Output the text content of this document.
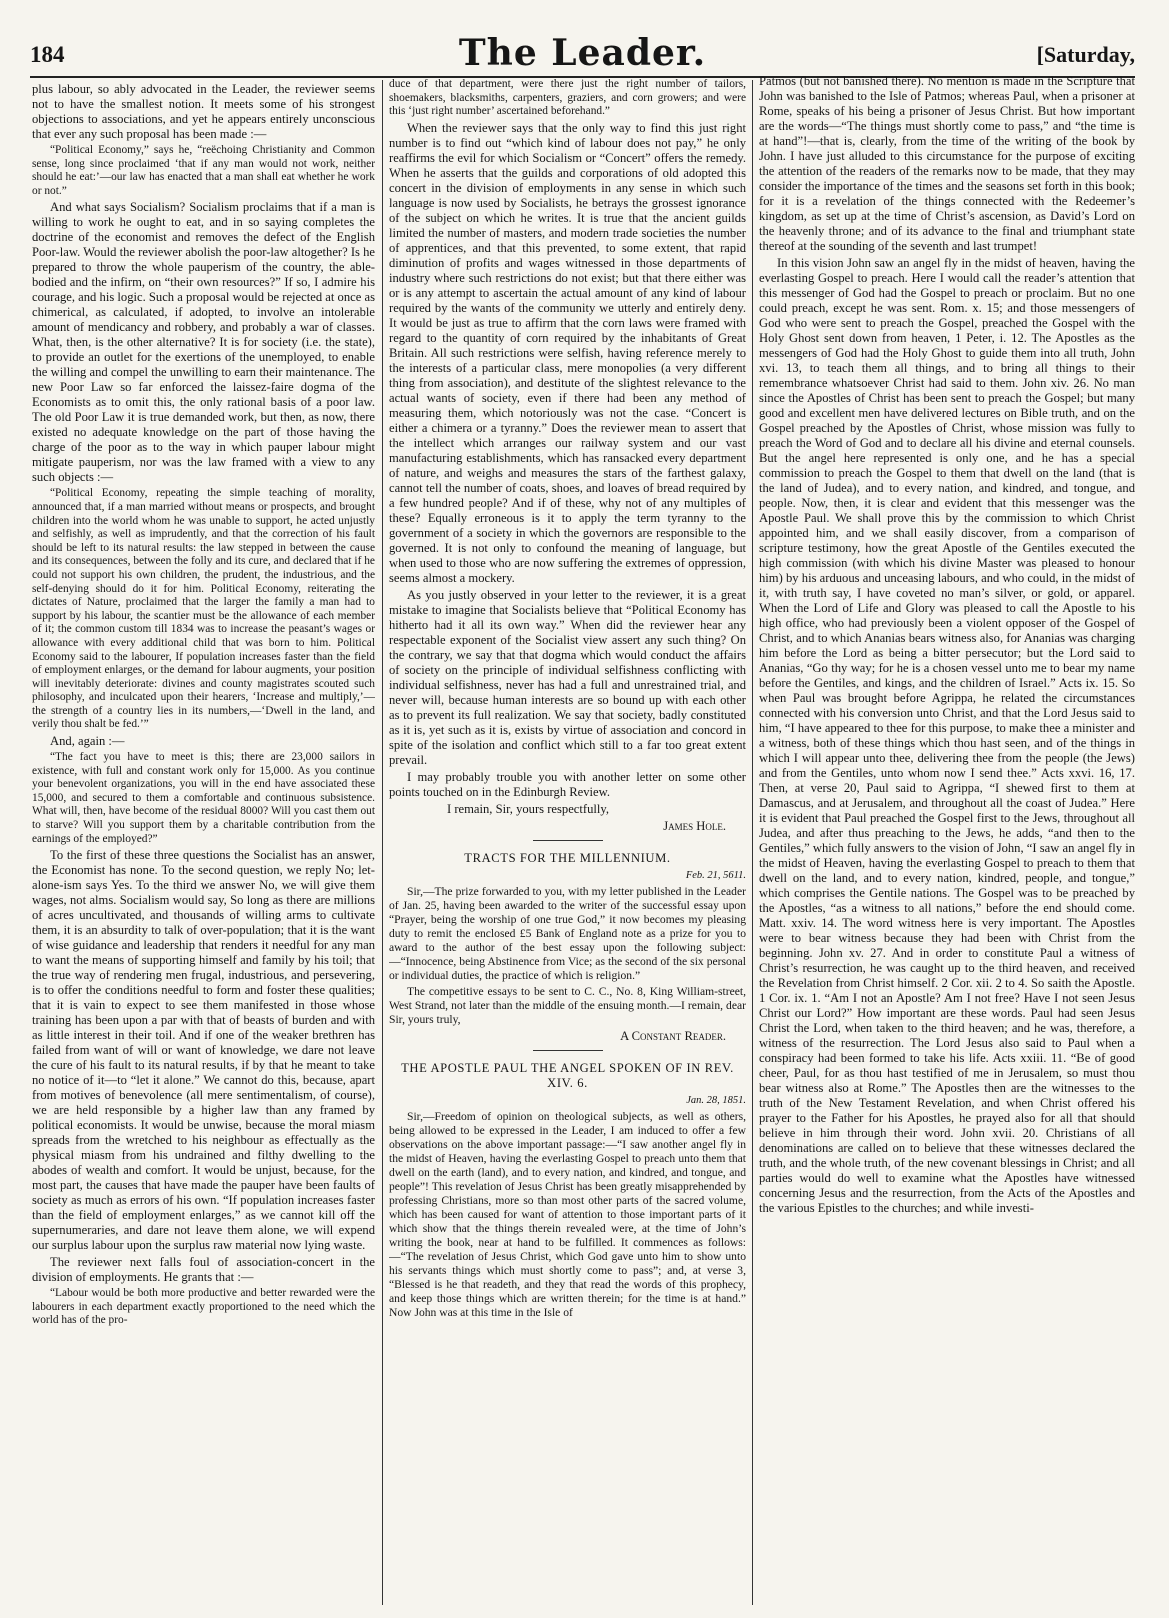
184	The Leader.	[Saturday,

plus labour, so ably advocated in the Leader, the reviewer seems not to have the smallest notion. It meets some of his strongest objections to associations, and yet he appears entirely unconscious that ever any such proposal has been made :—

“Political Economy,” says he, “reëchoing Christianity and Common sense, long since proclaimed ‘that if any man would not work, neither should he eat:’—our law has enacted that a man shall eat whether he work or not.”

And what says Socialism? Socialism proclaims that if a man is willing to work he ought to eat, and in so saying completes the doctrine of the economist and removes the defect of the English Poor-law. Would the reviewer abolish the poor-law altogether? Is he prepared to throw the whole pauperism of the country, the able-bodied and the infirm, on “their own resources?” If so, I admire his courage, and his logic. Such a proposal would be rejected at once as chimerical, as calculated, if adopted, to involve an intolerable amount of mendicancy and robbery, and probably a war of classes. What, then, is the other alternative? It is for society (i.e. the state), to provide an outlet for the exertions of the unemployed, to enable the willing and compel the unwilling to earn their maintenance. The new Poor Law so far enforced the laissez-faire dogma of the Economists as to omit this, the only rational basis of a poor law. The old Poor Law it is true demanded work, but then, as now, there existed no adequate knowledge on the part of those having the charge of the poor as to the way in which pauper labour might mitigate pauperism, nor was the law framed with a view to any such objects :—

“Political Economy, repeating the simple teaching of morality, announced that, if a man married without means or prospects, and brought children into the world whom he was unable to support, he acted unjustly and selfishly, as well as imprudently, and that the correction of his fault should be left to its natural results: the law stepped in between the cause and its consequences, between the folly and its cure, and declared that if he could not support his own children, the prudent, the industrious, and the self-denying should do it for him. Political Economy, reiterating the dictates of Nature, proclaimed that the larger the family a man had to support by his labour, the scantier must be the allowance of each member of it; the common custom till 1834 was to increase the peasant’s wages or allowance with every additional child that was born to him. Political Economy said to the labourer, If population increases faster than the field of employment enlarges, or the demand for labour augments, your position will inevitably deteriorate: divines and county magistrates scouted such philosophy, and inculcated upon their hearers, ‘Increase and multiply,’—the strength of a country lies in its numbers,—‘Dwell in the land, and verily thou shalt be fed.’”

And, again :—

“The fact you have to meet is this; there are 23,000 sailors in existence, with full and constant work only for 15,000. As you continue your benevolent organizations, you will in the end have associated these 15,000, and secured to them a comfortable and continuous subsistence. What will, then, have become of the residual 8000? Will you cast them out to starve? Will you support them by a charitable contribution from the earnings of the employed?”

To the first of these three questions the Socialist has an answer, the Economist has none. To the second question, we reply No; let-alone-ism says Yes. To the third we answer No, we will give them wages, not alms. Socialism would say, So long as there are millions of acres uncultivated, and thousands of willing arms to cultivate them, it is an absurdity to talk of over-population; that it is the want of wise guidance and leadership that renders it needful for any man to want the means of supporting himself and family by his toil; that the true way of rendering men frugal, industrious, and persevering, is to offer the conditions needful to form and foster these qualities; that it is vain to expect to see them manifested in those whose training has been upon a par with that of beasts of burden and with as little interest in their toil. And if one of the weaker brethren has failed from want of will or want of knowledge, we dare not leave the cure of his fault to its natural results, if by that he meant to take no notice of it—to “let it alone.” We cannot do this, because, apart from motives of benevolence (all mere sentimentalism, of course), we are held responsible by a higher law than any framed by political economists. It would be unwise, because the moral miasm spreads from the wretched to his neighbour as effectually as the physical miasm from his undrained and filthy dwelling to the abodes of wealth and comfort. It would be unjust, because, for the most part, the causes that have made the pauper have been faults of society as much as errors of his own. “If population increases faster than the field of employment enlarges,” as we cannot kill off the supernumeraries, and dare not leave them alone, we will expend our surplus labour upon the surplus raw material now lying waste.

The reviewer next falls foul of association-concert in the division of employments. He grants that :—

“Labour would be both more productive and better rewarded were the labourers in each department exactly proportioned to the need which the world has of the pro-

duce of that department, were there just the right number of tailors, shoemakers, blacksmiths, carpenters, graziers, and corn growers; and were this ‘just right number’ ascertained beforehand.”

When the reviewer says that the only way to find this just right number is to find out “which kind of labour does not pay,” he only reaffirms the evil for which Socialism or “Concert” offers the remedy. When he asserts that the guilds and corporations of old adopted this concert in the division of employments in any sense in which such language is now used by Socialists, he betrays the grossest ignorance of the subject on which he writes. It is true that the ancient guilds limited the number of masters, and modern trade societies the number of apprentices, and that this prevented, to some extent, that rapid diminution of profits and wages witnessed in those departments of industry where such restrictions do not exist; but that there either was or is any attempt to ascertain the actual amount of any kind of labour required by the wants of the community we utterly and entirely deny. It would be just as true to affirm that the corn laws were framed with regard to the quantity of corn required by the inhabitants of Great Britain. All such restrictions were selfish, having reference merely to the interests of a particular class, mere monopolies (a very different thing from association), and destitute of the slightest relevance to the actual wants of society, even if there had been any method of measuring them, which notoriously was not the case. “Concert is either a chimera or a tyranny.” Does the reviewer mean to assert that the intellect which arranges our railway system and our vast manufacturing establishments, which has ransacked every department of nature, and weighs and measures the stars of the farthest galaxy, cannot tell the number of coats, shoes, and loaves of bread required by a few hundred people? And if of these, why not of any multiples of these? Equally erroneous is it to apply the term tyranny to the government of a society in which the governors are responsible to the governed. It is not only to confound the meaning of language, but when used to those who are now suffering the extremes of oppression, seems almost a mockery.

As you justly observed in your letter to the reviewer, it is a great mistake to imagine that Socialists believe that “Political Economy has hitherto had it all its own way.” When did the reviewer hear any respectable exponent of the Socialist view assert any such thing? On the contrary, we say that that dogma which would conduct the affairs of society on the principle of individual selfishness conflicting with individual selfishness, never has had a full and unrestrained trial, and never will, because human interests are so bound up with each other as to prevent its full realization. We say that society, badly constituted as it is, yet such as it is, exists by virtue of association and concord in spite of the isolation and conflict which still to a far too great extent prevail.

I may probably trouble you with another letter on some other points touched on in the Edinburgh Review.

I remain, Sir, yours respectfully,

James Hole.
TRACTS FOR THE MILLENNIUM.
Feb. 21, 5611.

Sir,—The prize forwarded to you, with my letter published in the Leader of Jan. 25, having been awarded to the writer of the successful essay upon “Prayer, being the worship of one true God,” it now becomes my pleasing duty to remit the enclosed £5 Bank of England note as a prize for you to award to the author of the best essay upon the following subject:—“Innocence, being Abstinence from Vice; as the second of the six personal or individual duties, the practice of which is religion.”

The competitive essays to be sent to C. C., No. 8, King William-street, West Strand, not later than the middle of the ensuing month.—I remain, dear Sir, yours truly,

A Constant Reader.
THE APOSTLE PAUL THE ANGEL SPOKEN OF IN REV. XIV. 6.
Jan. 28, 1851.

Sir,—Freedom of opinion on theological subjects, as well as others, being allowed to be expressed in the Leader, I am induced to offer a few observations on the above important passage:—“I saw another angel fly in the midst of Heaven, having the everlasting Gospel to preach unto them that dwell on the earth (land), and to every nation, and kindred, and tongue, and people”! This revelation of Jesus Christ has been greatly misapprehended by professing Christians, more so than most other parts of the sacred volume, which has been caused for want of attention to those important parts of it which show that the things therein revealed were, at the time of John’s writing the book, near at hand to be fulfilled. It commences as follows:—“The revelation of Jesus Christ, which God gave unto him to show unto his servants things which must shortly come to pass”; and, at verse 3, “Blessed is he that readeth, and they that read the words of this prophecy, and keep those things which are written therein; for the time is at hand.” Now John was at this time in the Isle of

Patmos (but not banished there). No mention is made in the Scripture that John was banished to the Isle of Patmos; whereas Paul, when a prisoner at Rome, speaks of his being a prisoner of Jesus Christ. But how important are the words—“The things must shortly come to pass,” and “the time is at hand”!—that is, clearly, from the time of the writing of the book by John. I have just alluded to this circumstance for the purpose of exciting the attention of the readers of the remarks now to be made, that they may consider the importance of the times and the seasons set forth in this book; for it is a revelation of the things connected with the Redeemer’s kingdom, as set up at the time of Christ’s ascension, as David’s Lord on the heavenly throne; and of its advance to the final and triumphant state thereof at the sounding of the seventh and last trumpet!

In this vision John saw an angel fly in the midst of heaven, having the everlasting Gospel to preach. Here I would call the reader’s attention that this messenger of God had the Gospel to preach or proclaim. But no one could preach, except he was sent. Rom. x. 15; and those messengers of God who were sent to preach the Gospel, preached the Gospel with the Holy Ghost sent down from heaven, 1 Peter, i. 12. The Apostles as the messengers of God had the Holy Ghost to guide them into all truth, John xvi. 13, to teach them all things, and to bring all things to their remembrance whatsoever Christ had said to them. John xiv. 26. No man since the Apostles of Christ has been sent to preach the Gospel; but many good and excellent men have delivered lectures on Bible truth, and on the Gospel preached by the Apostles of Christ, whose mission was fully to preach the Word of God and to declare all his divine and eternal counsels. But the angel here represented is only one, and he has a special commission to preach the Gospel to them that dwell on the land (that is the land of Judea), and to every nation, and kindred, and tongue, and people. Now, then, it is clear and evident that this messenger was the Apostle Paul. We shall prove this by the commission to which Christ appointed him, and we shall easily discover, from a comparison of scripture testimony, how the great Apostle of the Gentiles executed the high commission (with which his divine Master was pleased to honour him) by his arduous and unceasing labours, and who could, in the midst of it, with truth say, I have coveted no man’s silver, or gold, or apparel. When the Lord of Life and Glory was pleased to call the Apostle to his high office, who had previously been a violent opposer of the Gospel of Christ, and to which Ananias bears witness also, for Ananias was charging him before the Lord as being a bitter persecutor; but the Lord said to Ananias, “Go thy way; for he is a chosen vessel unto me to bear my name before the Gentiles, and kings, and the children of Israel.” Acts ix. 15. So when Paul was brought before Agrippa, he related the circumstances connected with his conversion unto Christ, and that the Lord Jesus said to him, “I have appeared to thee for this purpose, to make thee a minister and a witness, both of these things which thou hast seen, and of the things in which I will appear unto thee, delivering thee from the people (the Jews) and from the Gentiles, unto whom now I send thee.” Acts xxvi. 16, 17. Then, at verse 20, Paul said to Agrippa, “I shewed first to them at Damascus, and at Jerusalem, and throughout all the coast of Judea.” Here it is evident that Paul preached the Gospel first to the Jews, throughout all Judea, and after thus preaching to the Jews, he adds, “and then to the Gentiles,” which fully answers to the vision of John, “I saw an angel fly in the midst of Heaven, having the everlasting Gospel to preach to them that dwell on the land, and to every nation, kindred, people, and tongue,” which comprises the Gentile nations. The Gospel was to be preached by the Apostles, “as a witness to all nations,” before the end should come. Matt. xxiv. 14. The word witness here is very important. The Apostles were to bear witness because they had been with Christ from the beginning. John xv. 27. And in order to constitute Paul a witness of Christ’s resurrection, he was caught up to the third heaven, and received the Revelation from Christ himself. 2 Cor. xii. 2 to 4. So saith the Apostle. 1 Cor. ix. 1. “Am I not an Apostle? Am I not free? Have I not seen Jesus Christ our Lord?” How important are these words. Paul had seen Jesus Christ the Lord, when taken to the third heaven; and he was, therefore, a witness of the resurrection. The Lord Jesus also said to Paul when a conspiracy had been formed to take his life. Acts xxiii. 11. “Be of good cheer, Paul, for as thou hast testified of me in Jerusalem, so must thou bear witness also at Rome.” The Apostles then are the witnesses to the truth of the New Testament Revelation, and when Christ offered his prayer to the Father for his Apostles, he prayed also for all that should believe in him through their word. John xvii. 20. Christians of all denominations are called on to believe that these witnesses declared the truth, and the whole truth, of the new covenant blessings in Christ; and all parties would do well to examine what the Apostles have witnessed concerning Jesus and the resurrection, from the Acts of the Apostles and the various Epistles to the churches; and while investi-
